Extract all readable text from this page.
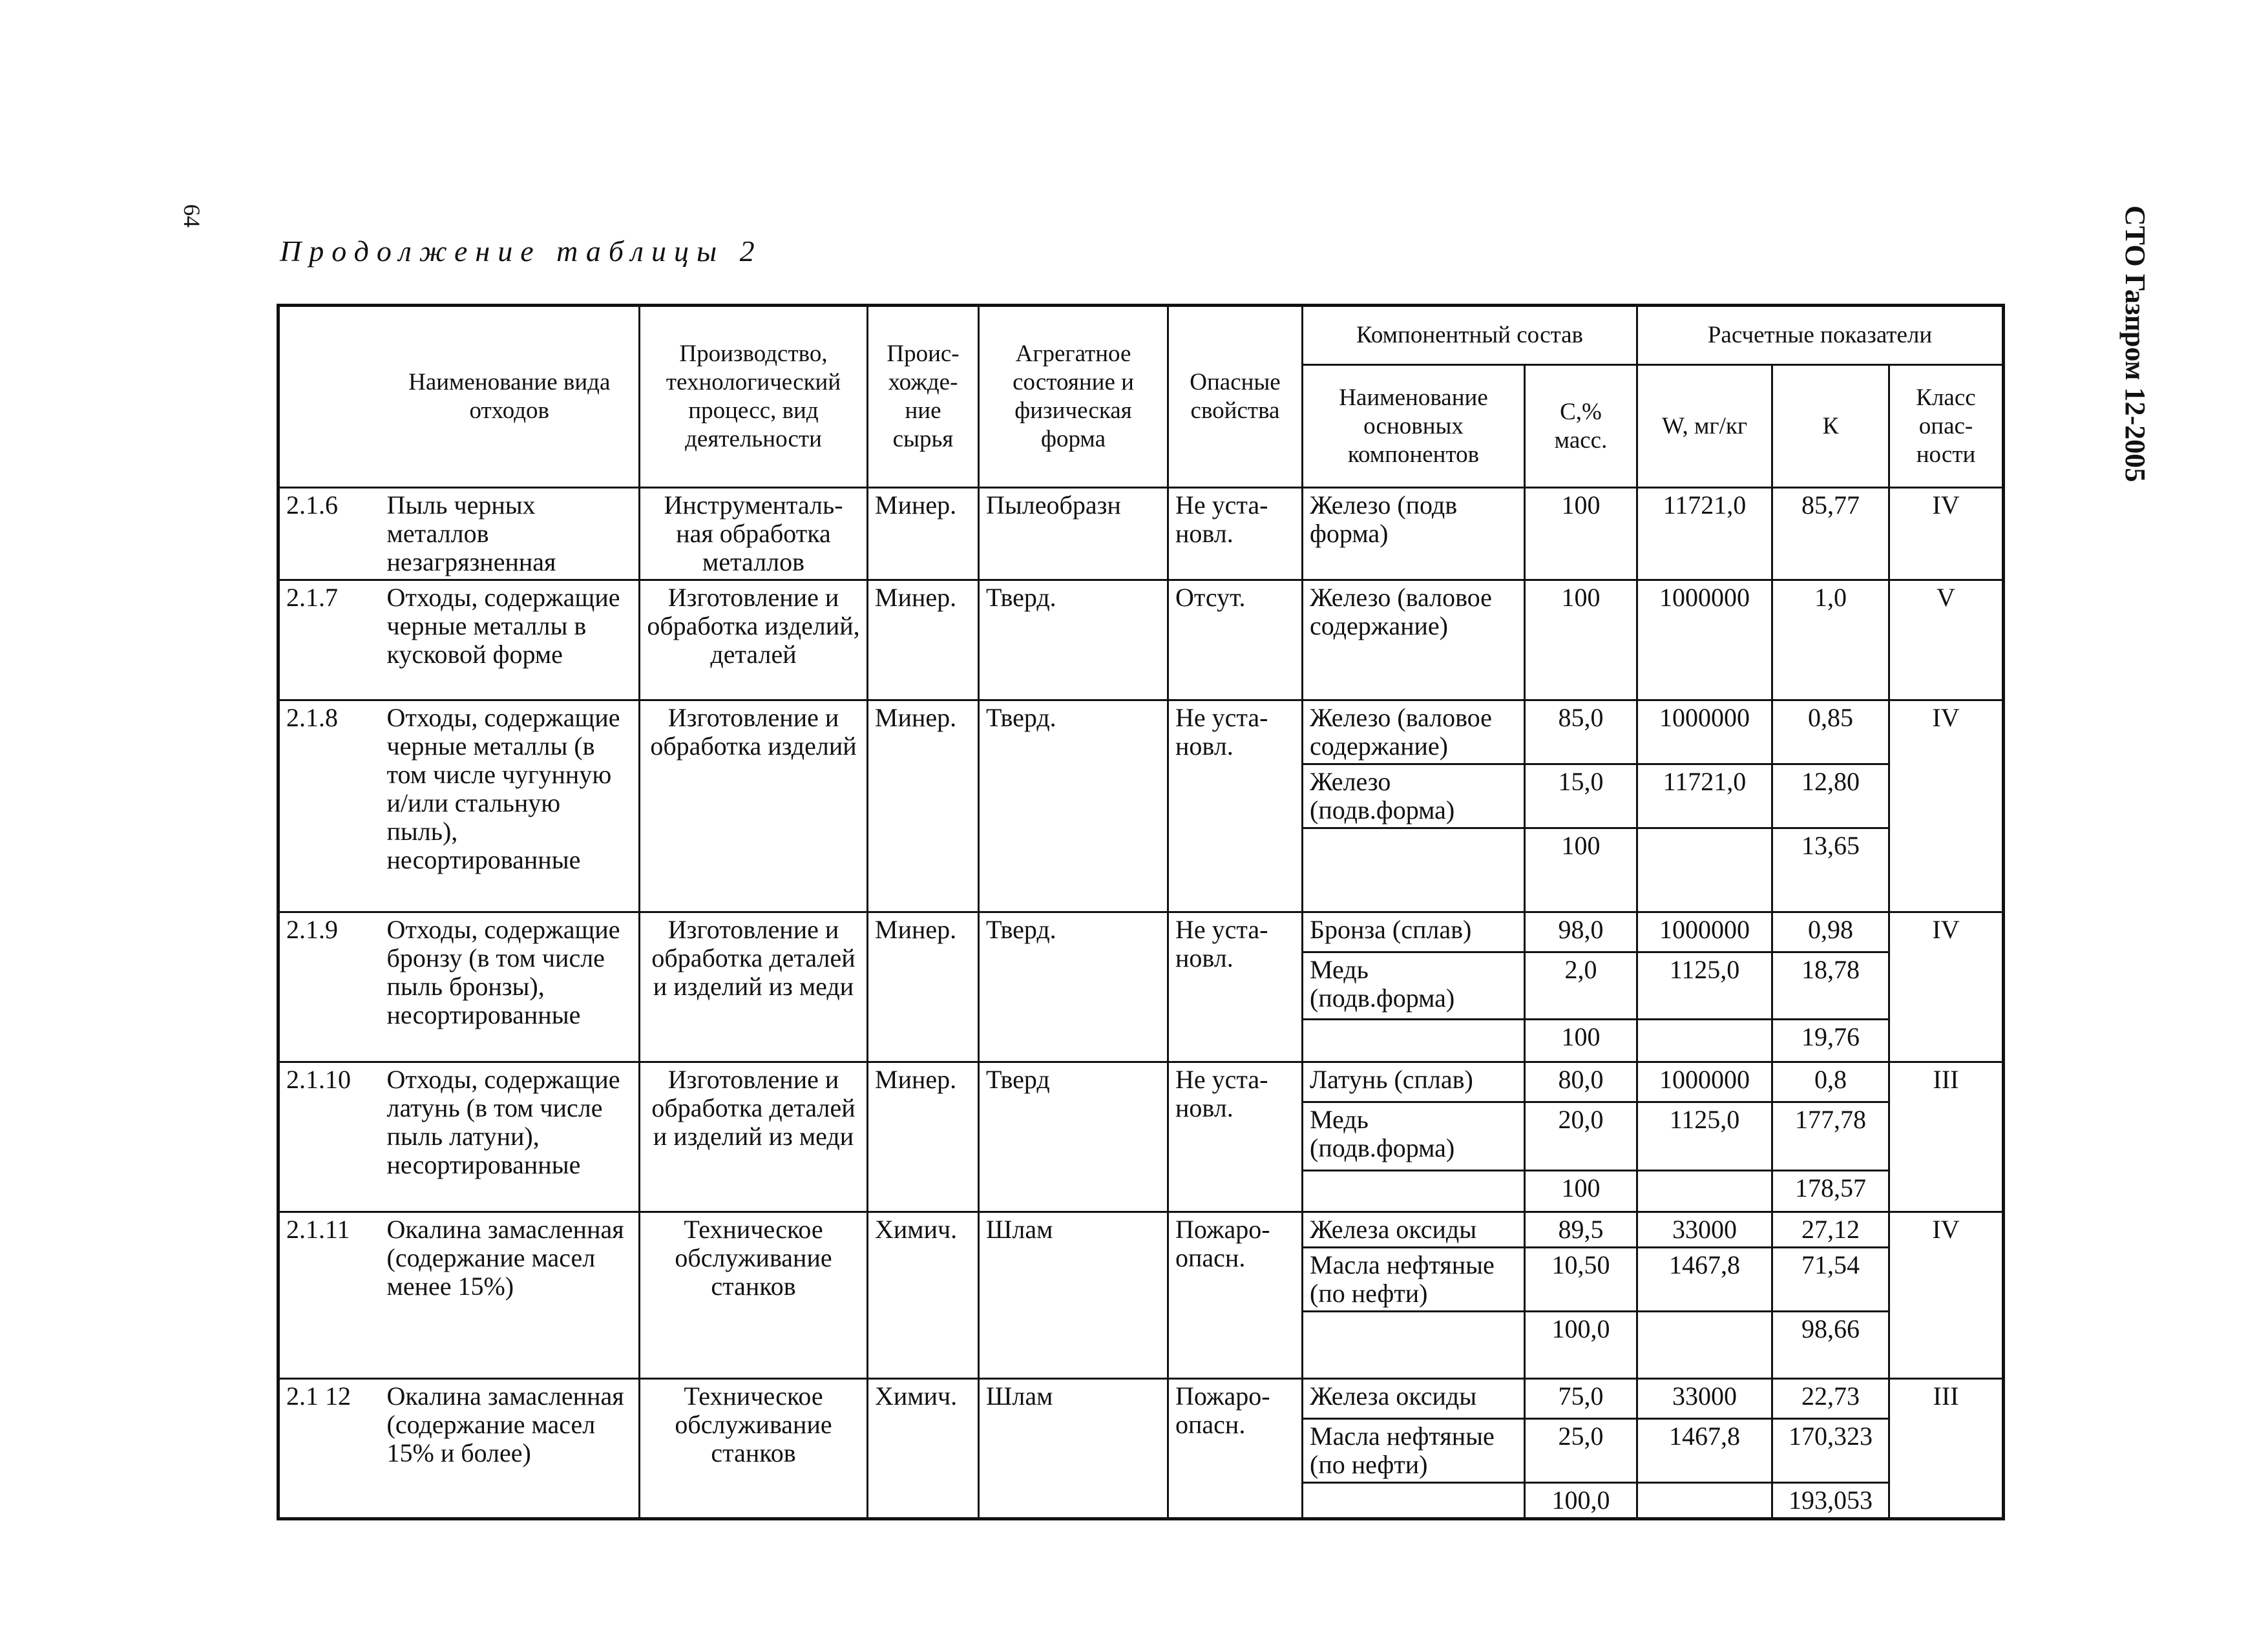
64	СТО Газпром 12-2005
Продолжение таблицы 2
	Наименование вида отходов	Производство, технологический процесс, вид деятельности	Проис-хожде-ние сырья	Агрегатное состояние и физическая форма	Опасные свойства	Компонентный состав		Расчетные показатели		
						Наименование основных компонентов	С,% масс.	W, мг/кг	К	Класс опас-ности
2.1.6	Пыль черных металлов незагрязненная	Инструменталь-ная обработка металлов	Минер.	Пылеобразн	Не уста-новл.	Железо (подв форма)	100	11721,0	85,77	IV
2.1.7	Отходы, содержащие черные металлы в кусковой форме	Изготовление и обработка изделий, деталей	Минер.	Тверд.	Отсут.	Железо (валовое содержание)	100	1000000	1,0	V
2.1.8	Отходы, содержащие черные металлы (в том числе чугунную и/или стальную пыль), несортированные	Изготовление и обработка изделий	Минер.	Тверд.	Не уста-новл.	Железо (валовое содержание)	85,0	1000000	0,85	IV
						Железо (подв.форма)	15,0	11721,0	12,80	
							100		13,65	
2.1.9	Отходы, содержащие бронзу (в том числе пыль бронзы), несортированные	Изготовление и обработка деталей и изделий из меди	Минер.	Тверд.	Не уста-новл.	Бронза (сплав)	98,0	1000000	0,98	IV
						Медь (подв.форма)	2,0	1125,0	18,78	
							100		19,76	
2.1.10	Отходы, содержащие латунь (в том числе пыль латуни), несортированные	Изготовление и обработка деталей и изделий из меди	Минер.	Тверд	Не уста-новл.	Латунь (сплав)	80,0	1000000	0,8	III
						Медь (подв.форма)	20,0	1125,0	177,78	
							100		178,57	
2.1.11	Окалина замасленная (содержание масел менее 15%)	Техническое обслуживание станков	Химич.	Шлам	Пожаро-опасн.	Железа оксиды	89,5	33000	27,12	IV
						Масла нефтяные (по нефти)	10,50	1467,8	71,54	
							100,0		98,66	
2.1 12	Окалина замасленная (содержание масел 15% и более)	Техническое обслуживание станков	Химич.	Шлам	Пожаро-опасн.	Железа оксиды	75,0	33000	22,73	III
						Масла нефтяные (по нефти)	25,0	1467,8	170,323	
							100,0		193,053	
